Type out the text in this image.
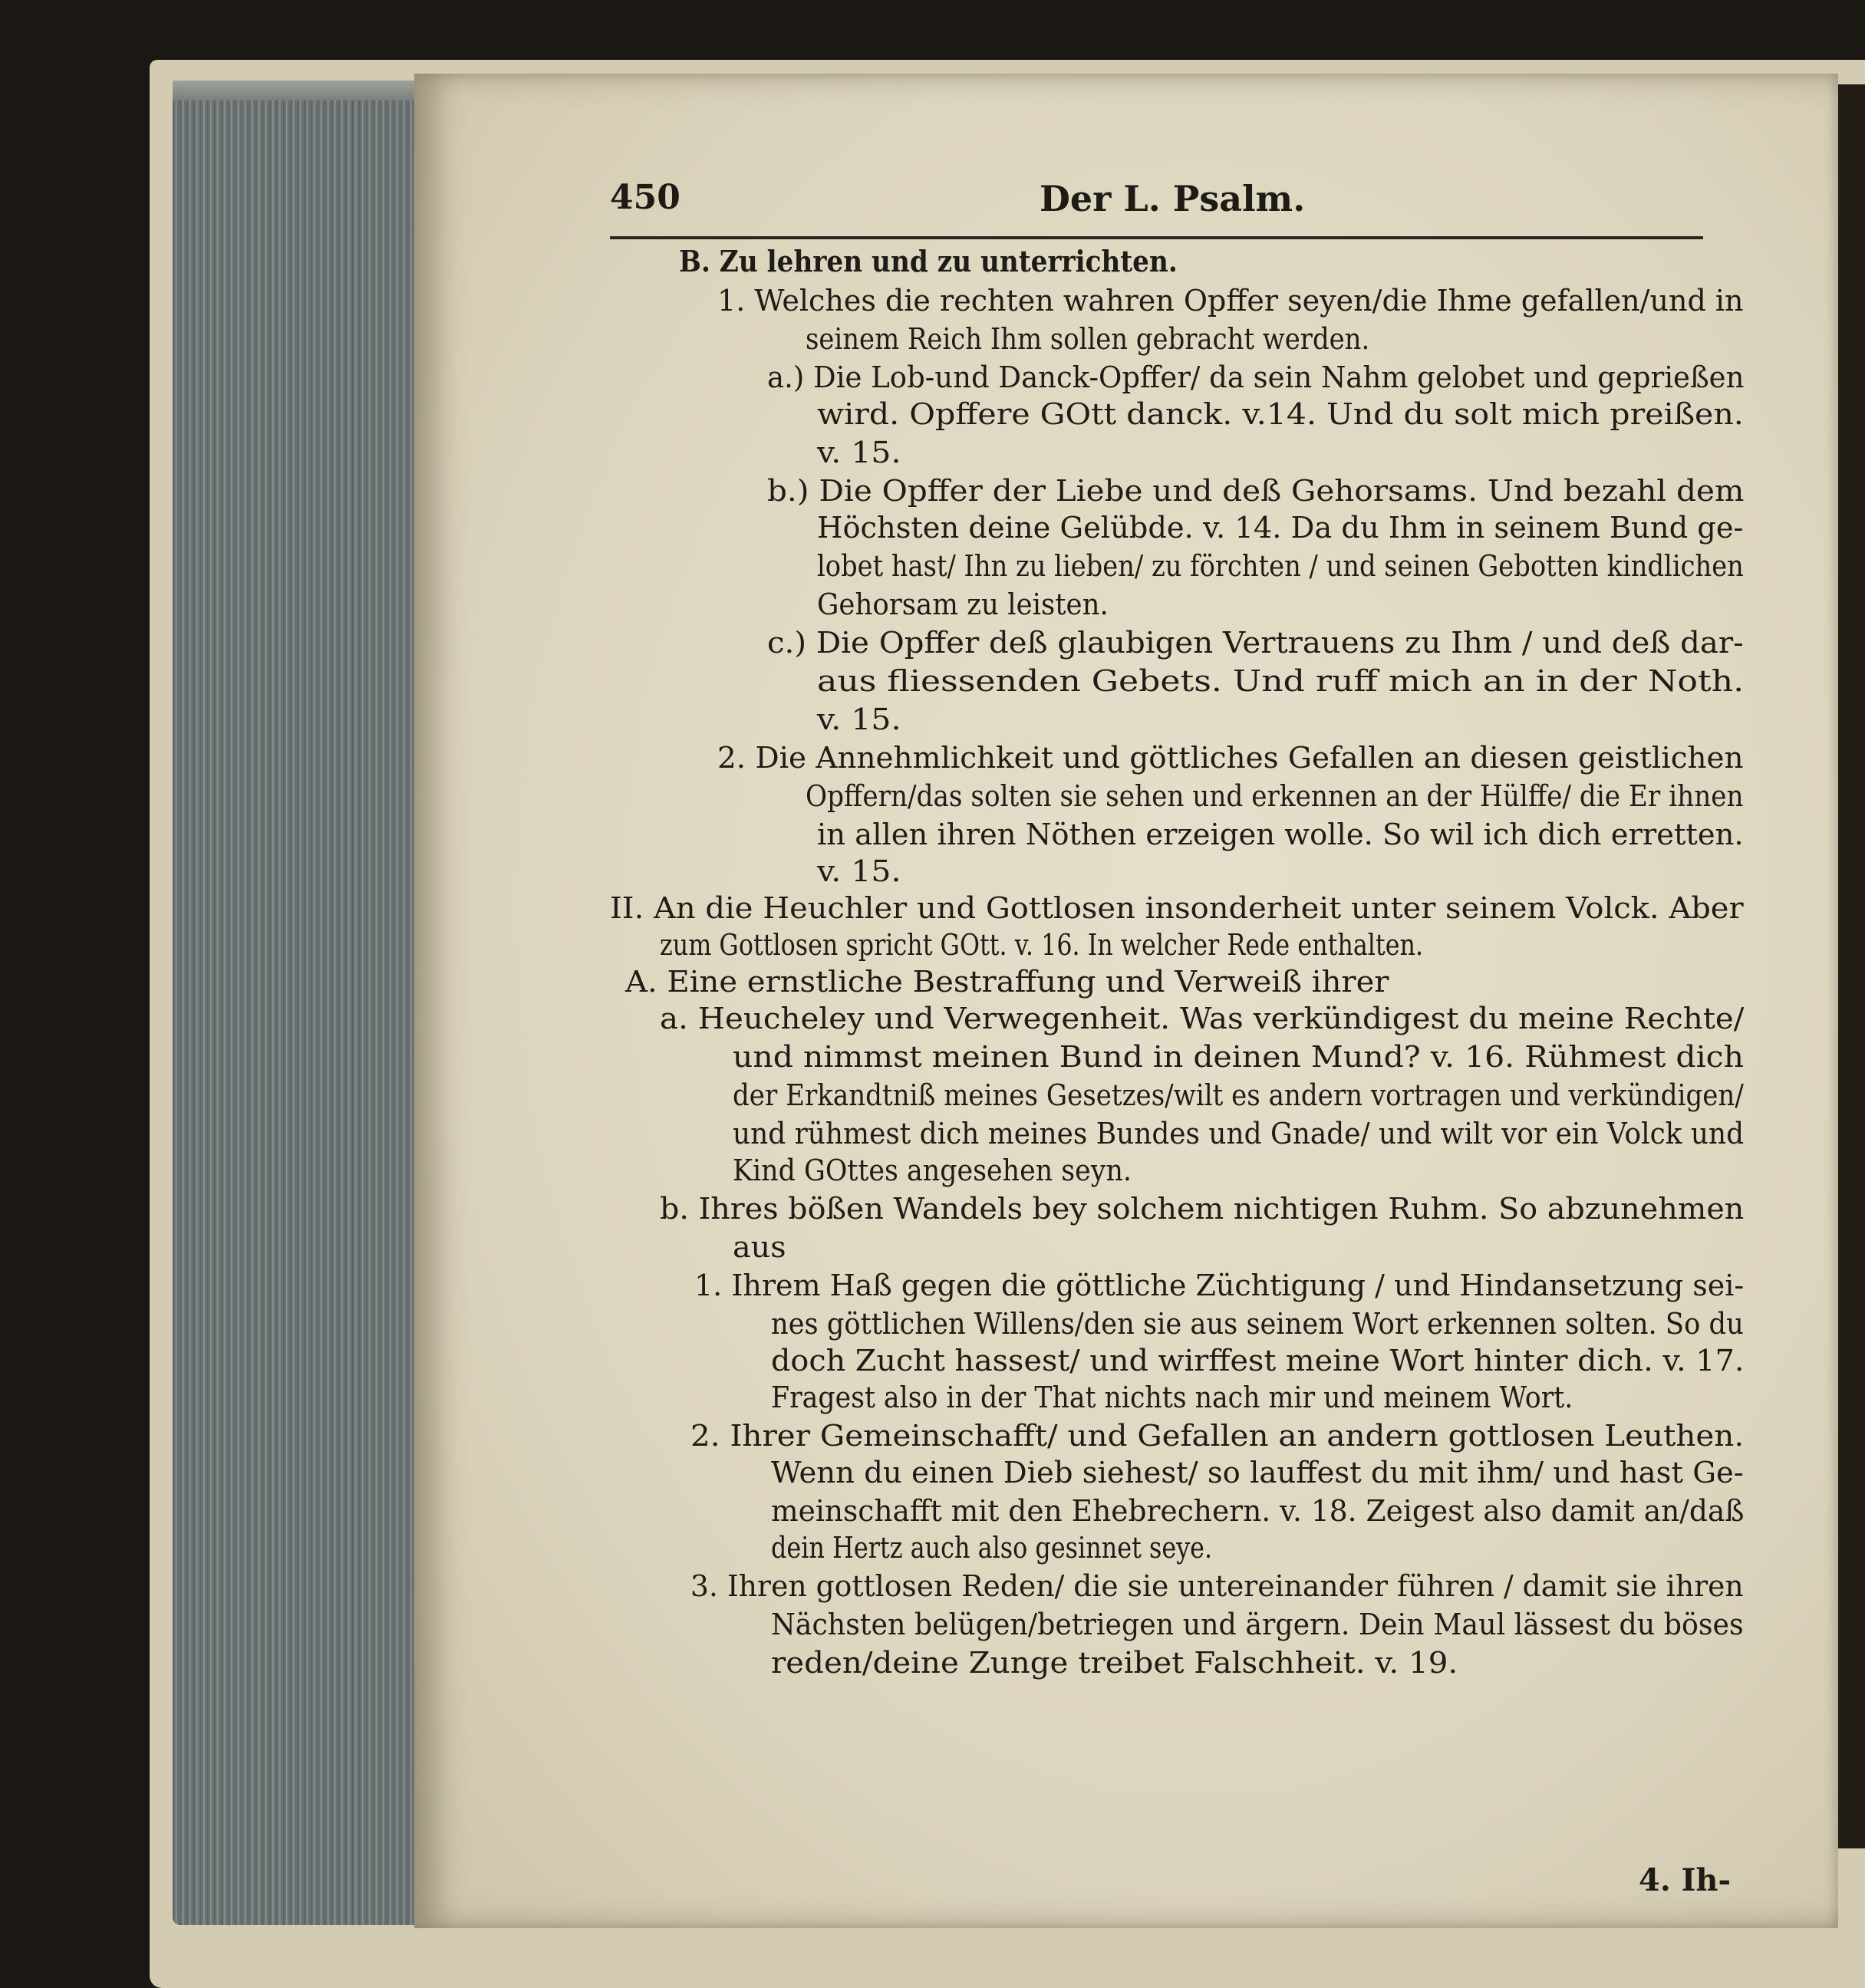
450	Der L. Psalm.
B. Zu lehren und zu unterrichten.
1. Welches die rechten wahren Opffer seyen/die Ihme gefallen/und in
seinem Reich Ihm sollen gebracht werden.
a.) Die Lob-und Danck-Opffer/ da sein Nahm gelobet und geprießen
wird. Opffere GOtt danck. v.14. Und du solt mich preißen.
v. 15.
b.) Die Opffer der Liebe und deß Gehorsams. Und bezahl dem
Höchsten deine Gelübde. v. 14. Da du Ihm in seinem Bund ge-
lobet hast/ Ihn zu lieben/ zu förchten / und seinen Gebotten kindlichen
Gehorsam zu leisten.
c.) Die Opffer deß glaubigen Vertrauens zu Ihm / und deß dar-
aus fliessenden Gebets. Und ruff mich an in der Noth.
v. 15.
2. Die Annehmlichkeit und göttliches Gefallen an diesen geistlichen
Opffern/das solten sie sehen und erkennen an der Hülffe/ die Er ihnen
in allen ihren Nöthen erzeigen wolle. So wil ich dich erretten.
v. 15.
II. An die Heuchler und Gottlosen insonderheit unter seinem Volck. Aber
zum Gottlosen spricht GOtt. v. 16. In welcher Rede enthalten.
A. Eine ernstliche Bestraffung und Verweiß ihrer
a. Heucheley und Verwegenheit. Was verkündigest du meine Rechte/
und nimmst meinen Bund in deinen Mund? v. 16. Rühmest dich
der Erkandtniß meines Gesetzes/wilt es andern vortragen und verkündigen/
und rühmest dich meines Bundes und Gnade/ und wilt vor ein Volck und
Kind GOttes angesehen seyn.
b. Ihres bößen Wandels bey solchem nichtigen Ruhm. So abzunehmen
aus
1. Ihrem Haß gegen die göttliche Züchtigung / und Hindansetzung sei-
nes göttlichen Willens/den sie aus seinem Wort erkennen solten. So du
doch Zucht hassest/ und wirffest meine Wort hinter dich. v. 17.
Fragest also in der That nichts nach mir und meinem Wort.
2. Ihrer Gemeinschafft/ und Gefallen an andern gottlosen Leuthen.
Wenn du einen Dieb siehest/ so lauffest du mit ihm/ und hast Ge-
meinschafft mit den Ehebrechern. v. 18. Zeigest also damit an/daß
dein Hertz auch also gesinnet seye.
3. Ihren gottlosen Reden/ die sie untereinander führen / damit sie ihren
Nächsten belügen/betriegen und ärgern. Dein Maul lässest du böses
reden/deine Zunge treibet Falschheit. v. 19.
4. Ih-
